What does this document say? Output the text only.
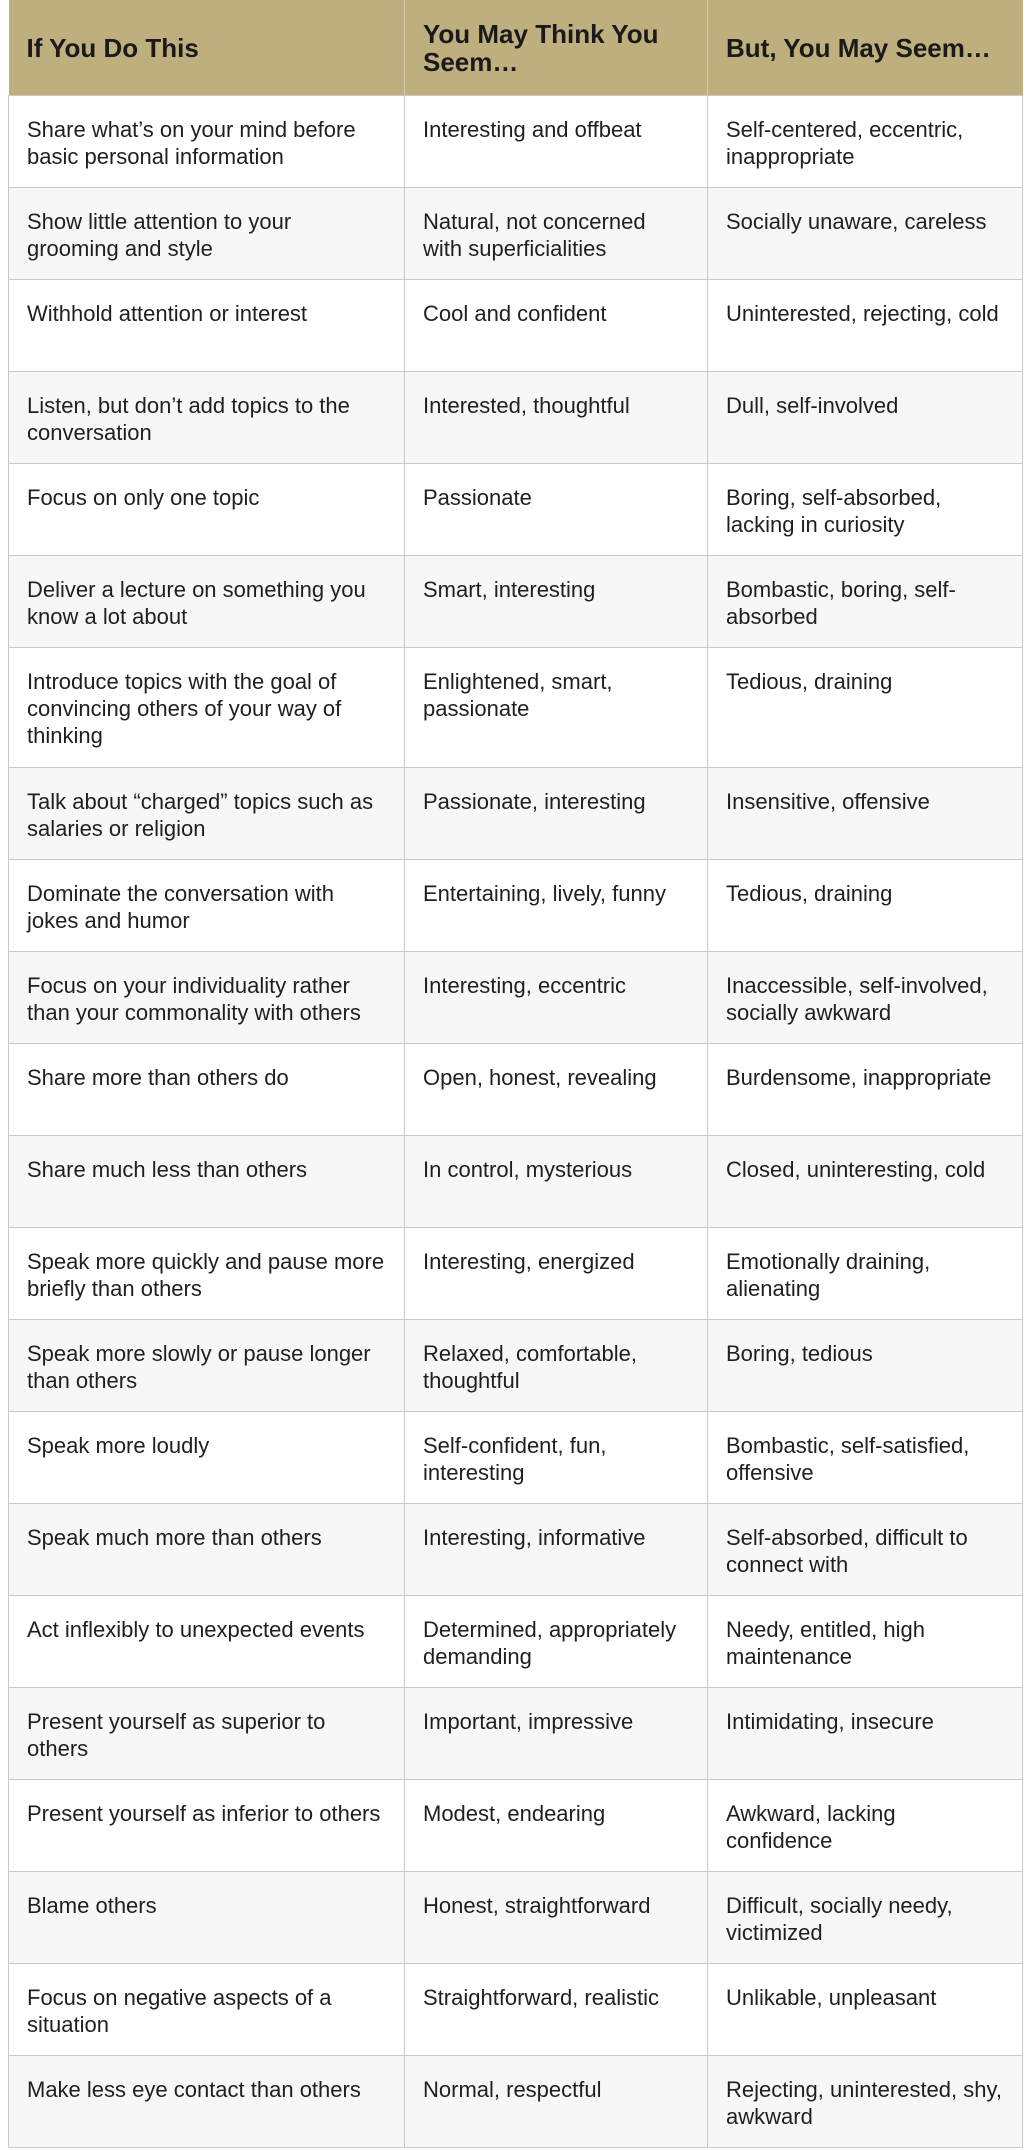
If You Do This	You May Think You Seem…	But, You May Seem…
Share what’s on your mind before basic personal information	Interesting and offbeat	Self-centered, eccentric, inappropriate
Show little attention to your grooming and style	Natural, not concerned with superficialities	Socially unaware, careless
Withhold attention or interest	Cool and confident	Uninterested, rejecting, cold
Listen, but don’t add topics to the conversation	Interested, thoughtful	Dull, self-involved
Focus on only one topic	Passionate	Boring, self-absorbed, lacking in curiosity
Deliver a lecture on something you know a lot about	Smart, interesting	Bombastic, boring, self-absorbed
Introduce topics with the goal of convincing others of your way of thinking	Enlightened, smart, passionate	Tedious, draining
Talk about “charged” topics such as salaries or religion	Passionate, interesting	Insensitive, offensive
Dominate the conversation with jokes and humor	Entertaining, lively, funny	Tedious, draining
Focus on your individuality rather than your commonality with others	Interesting, eccentric	Inaccessible, self-involved, socially awkward
Share more than others do	Open, honest, revealing	Burdensome, inappropriate
Share much less than others	In control, mysterious	Closed, uninteresting, cold
Speak more quickly and pause more briefly than others	Interesting, energized	Emotionally draining, alienating
Speak more slowly or pause longer than others	Relaxed, comfortable, thoughtful	Boring, tedious
Speak more loudly	Self-confident, fun, interesting	Bombastic, self-satisfied, offensive
Speak much more than others	Interesting, informative	Self-absorbed, difficult to connect with
Act inflexibly to unexpected events	Determined, appropriately demanding	Needy, entitled, high maintenance
Present yourself as superior to others	Important, impressive	Intimidating, insecure
Present yourself as inferior to others	Modest, endearing	Awkward, lacking confidence
Blame others	Honest, straightforward	Difficult, socially needy, victimized
Focus on negative aspects of a situation	Straightforward, realistic	Unlikable, unpleasant
Make less eye contact than others	Normal, respectful	Rejecting, uninterested, shy, awkward
